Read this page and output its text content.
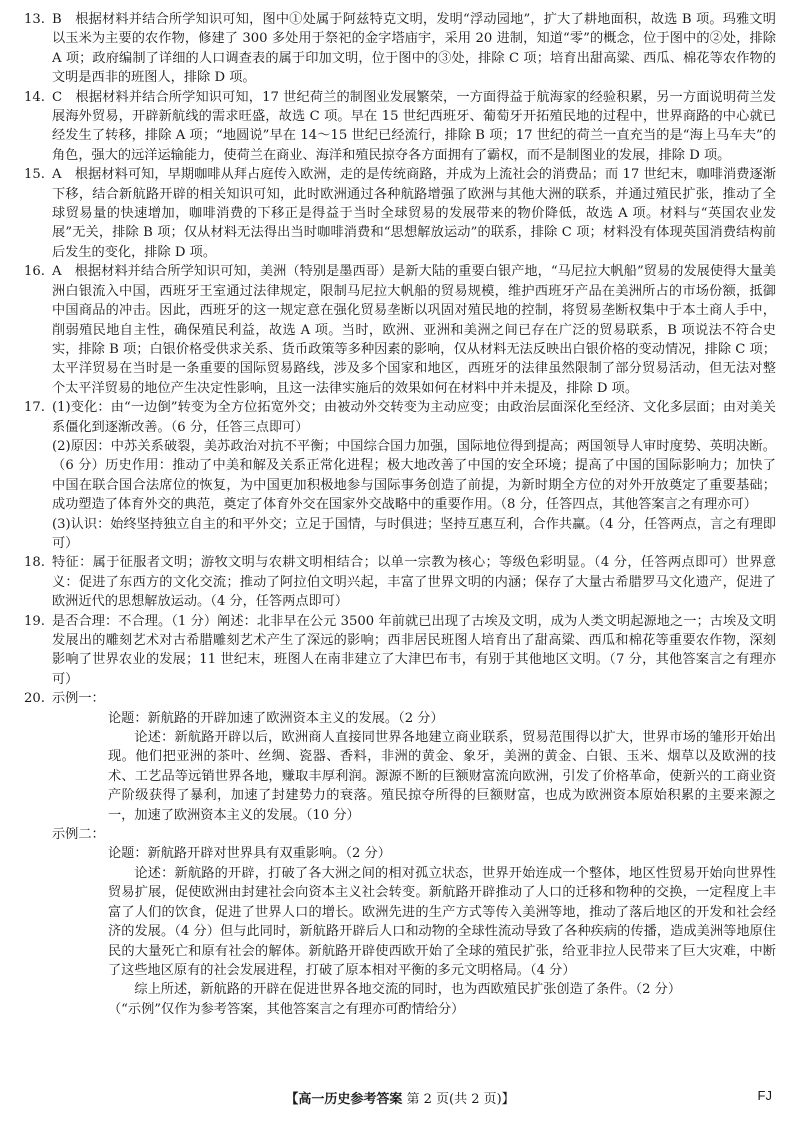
13. B　根据材料并结合所学知识可知，图中①处属于阿兹特克文明，发明“浮动园地”，扩大了耕地面积，故选 B 项。玛雅文明以玉米为主要的农作物，修建了 300 多处用于祭祀的金字塔庙宇，采用 20 进制，知道“零”的概念，位于图中的②处，排除 A 项；政府编制了详细的人口调查表的属于印加文明，位于图中的③处，排除 C 项；培育出甜高粱、西瓜、棉花等农作物的文明是西非的班图人，排除 D 项。
14. C　根据材料并结合所学知识可知，17 世纪荷兰的制图业发展繁荣，一方面得益于航海家的经验积累，另一方面说明荷兰发展海外贸易，开辟新航线的需求旺盛，故选 C 项。早在 15 世纪西班牙、葡萄牙开拓殖民地的过程中，世界商路的中心就已经发生了转移，排除 A 项；“地圆说”早在 14～15 世纪已经流行，排除 B 项；17 世纪的荷兰一直充当的是“海上马车夫”的角色，强大的远洋运输能力，使荷兰在商业、海洋和殖民掠夺各方面拥有了霸权，而不是制图业的发展，排除 D 项。
15. A　根据材料可知，早期咖啡从拜占庭传入欧洲，走的是传统商路，并成为上流社会的消费品；而 17 世纪末，咖啡消费逐渐下移，结合新航路开辟的相关知识可知，此时欧洲通过各种航路增强了欧洲与其他大洲的联系，并通过殖民扩张，推动了全球贸易量的快速增加，咖啡消费的下移正是得益于当时全球贸易的发展带来的物价降低，故选 A 项。材料与“英国农业发展”无关，排除 B 项；仅从材料无法得出当时咖啡消费和“思想解放运动”的联系，排除 C 项；材料没有体现英国消费结构前后发生的变化，排除 D 项。
16. A　根据材料并结合所学知识可知，美洲（特别是墨西哥）是新大陆的重要白银产地，“马尼拉大帆船”贸易的发展使得大量美洲白银流入中国，西班牙王室通过法律规定，限制马尼拉大帆船的贸易规模，维护西班牙产品在美洲所占的市场份额，抵御中国商品的冲击。因此，西班牙的这一规定意在强化贸易垄断以巩固对殖民地的控制，将贸易垄断权集中于本土商人手中，削弱殖民地自主性，确保殖民利益，故选 A 项。当时，欧洲、亚洲和美洲之间已存在广泛的贸易联系，B 项说法不符合史实，排除 B 项；白银价格受供求关系、货币政策等多种因素的影响，仅从材料无法反映出白银价格的变动情况，排除 C 项；太平洋贸易在当时是一条重要的国际贸易路线，涉及多个国家和地区，西班牙的法律虽然限制了部分贸易活动，但无法对整个太平洋贸易的地位产生决定性影响，且这一法律实施后的效果如何在材料中并未提及，排除 D 项。
17. (1)变化：由“一边倒”转变为全方位拓宽外交；由被动外交转变为主动应变；由政治层面深化至经济、文化多层面；由对美关系僵化到逐渐改善。（6 分，任答三点即可）
(2)原因：中苏关系破裂，美苏政治对抗不平衡；中国综合国力加强，国际地位得到提高；两国领导人审时度势、英明决断。（6 分）历史作用：推动了中美和解及关系正常化进程；极大地改善了中国的安全环境；提高了中国的国际影响力；加快了中国在联合国合法席位的恢复，为中国更加积极地参与国际事务创造了前提，为新时期全方位的对外开放奠定了重要基础；成功塑造了体育外交的典范，奠定了体育外交在国家外交战略中的重要作用。（8 分，任答四点，其他答案言之有理亦可）
(3)认识：始终坚持独立自主的和平外交；立足于国情，与时俱进；坚持互惠互利，合作共赢。（4 分，任答两点，言之有理即可）
18. 特征：属于征服者文明；游牧文明与农耕文明相结合；以单一宗教为核心；等级色彩明显。（4 分，任答两点即可）世界意义：促进了东西方的文化交流；推动了阿拉伯文明兴起，丰富了世界文明的内涵；保存了大量古希腊罗马文化遗产，促进了欧洲近代的思想解放运动。（4 分，任答两点即可）
19. 是否合理：不合理。（1 分）阐述：北非早在公元 3500 年前就已出现了古埃及文明，成为人类文明起源地之一；古埃及文明发展出的雕刻艺术对古希腊雕刻艺术产生了深远的影响；西非居民班图人培育出了甜高粱、西瓜和棉花等重要农作物，深刻影响了世界农业的发展；11 世纪末，班图人在南非建立了大津巴布韦，有别于其他地区文明。（7 分，其他答案言之有理亦可）
20. 示例一：
论题：新航路的开辟加速了欧洲资本主义的发展。（2 分）
论述：新航路开辟以后，欧洲商人直接同世界各地建立商业联系，贸易范围得以扩大，世界市场的雏形开始出现。他们把亚洲的茶叶、丝绸、瓷器、香料，非洲的黄金、象牙，美洲的黄金、白银、玉米、烟草以及欧洲的技术、工艺品等远销世界各地，赚取丰厚利润。源源不断的巨额财富流向欧洲，引发了价格革命，使新兴的工商业资产阶级获得了暴利，加速了封建势力的衰落。殖民掠夺所得的巨额财富，也成为欧洲资本原始积累的主要来源之一，加速了欧洲资本主义的发展。（10 分）
示例二：
论题：新航路开辟对世界具有双重影响。（2 分）
论述：新航路的开辟，打破了各大洲之间的相对孤立状态，世界开始连成一个整体，地区性贸易开始向世界性贸易扩展，促使欧洲由封建社会向资本主义社会转变。新航路开辟推动了人口的迁移和物种的交换，一定程度上丰富了人们的饮食，促进了世界人口的增长。欧洲先进的生产方式等传入美洲等地，推动了落后地区的开发和社会经济的发展。（4 分）但与此同时，新航路开辟后人口和动物的全球性流动导致了各种疾病的传播，造成美洲等地原住民的大量死亡和原有社会的解体。新航路开辟使西欧开始了全球的殖民扩张，给亚非拉人民带来了巨大灾难，中断了这些地区原有的社会发展进程，打破了原本相对平衡的多元文明格局。（4 分）
综上所述，新航路的开辟在促进世界各地交流的同时，也为西欧殖民扩张创造了条件。（2 分）
（“示例”仅作为参考答案，其他答案言之有理亦可酌情给分）
【高一历史参考答案 第 2 页(共 2 页)】	FJ
